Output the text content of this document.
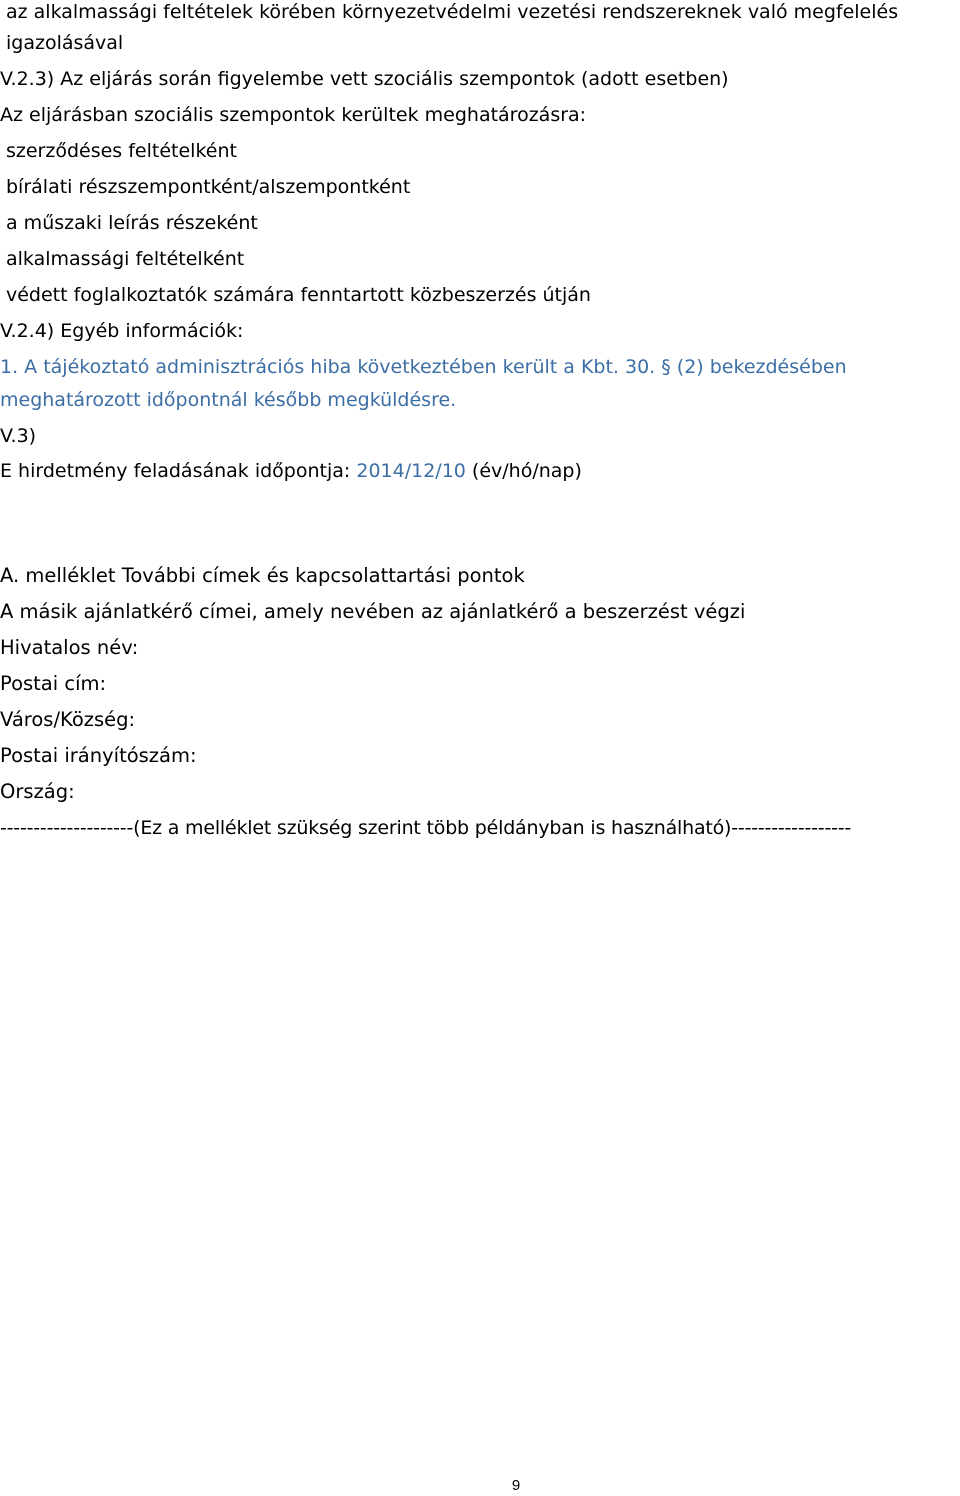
az alkalmassági feltételek körében környezetvédelmi vezetési rendszereknek való megfelelés
igazolásával
V.2.3) Az eljárás során figyelembe vett szociális szempontok (adott esetben)
Az eljárásban szociális szempontok kerültek meghatározásra:
szerződéses feltételként
bírálati részszempontként/alszempontként
a műszaki leírás részeként
alkalmassági feltételként
védett foglalkoztatók számára fenntartott közbeszerzés útján
V.2.4) Egyéb információk:
1. A tájékoztató adminisztrációs hiba következtében került a Kbt. 30. § (2) bekezdésében
meghatározott időpontnál később megküldésre.
V.3)
E hirdetmény feladásának időpontja: 2014/12/10 (év/hó/nap)
A. melléklet További címek és kapcsolattartási pontok
A másik ajánlatkérő címei, amely nevében az ajánlatkérő a beszerzést végzi
Hivatalos név:
Postai cím:
Város/Község:
Postai irányítószám:
Ország:
--------------------(Ez a melléklet szükség szerint több példányban is használható)------------------
9
